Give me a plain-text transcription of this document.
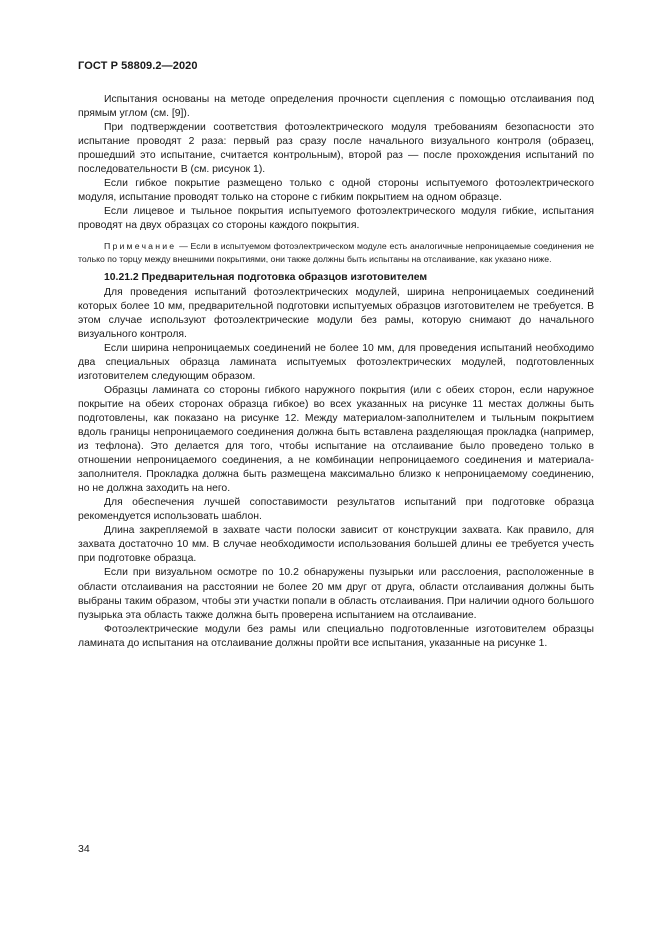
ГОСТ Р 58809.2—2020

Испытания основаны на методе определения прочности сцепления с помощью отслаивания под прямым углом (см. [9]).

При подтверждении соответствия фотоэлектрического модуля требованиям безопасности это испытание проводят 2 раза: первый раз сразу после начального визуального контроля (образец, прошедший это испытание, считается контрольным), второй раз — после прохождения испытаний по последовательности В (см. рисунок 1).

Если гибкое покрытие размещено только с одной стороны испытуемого фотоэлектрического модуля, испытание проводят только на стороне с гибким покрытием на одном образце.

Если лицевое и тыльное покрытия испытуемого фотоэлектрического модуля гибкие, испытания проводят на двух образцах со стороны каждого покрытия.

Примечание — Если в испытуемом фотоэлектрическом модуле есть аналогичные непроницаемые соединения не только по торцу между внешними покрытиями, они также должны быть испытаны на отслаивание, как указано ниже.

10.21.2 Предварительная подготовка образцов изготовителем

Для проведения испытаний фотоэлектрических модулей, ширина непроницаемых соединений которых более 10 мм, предварительной подготовки испытуемых образцов изготовителем не требуется. В этом случае используют фотоэлектрические модули без рамы, которую снимают до начального визуального контроля.

Если ширина непроницаемых соединений не более 10 мм, для проведения испытаний необходимо два специальных образца ламината испытуемых фотоэлектрических модулей, подготовленных изготовителем следующим образом.

Образцы ламината со стороны гибкого наружного покрытия (или с обеих сторон, если наружное покрытие на обеих сторонах образца гибкое) во всех указанных на рисунке 11 местах должны быть подготовлены, как показано на рисунке 12. Между материалом-заполнителем и тыльным покрытием вдоль границы непроницаемого соединения должна быть вставлена разделяющая прокладка (например, из тефлона). Это делается для того, чтобы испытание на отслаивание было проведено только в отношении непроницаемого соединения, а не комбинации непроницаемого соединения и материала-заполнителя. Прокладка должна быть размещена максимально близко к непроницаемому соединению, но не должна заходить на него.

Для обеспечения лучшей сопоставимости результатов испытаний при подготовке образца рекомендуется использовать шаблон.

Длина закрепляемой в захвате части полоски зависит от конструкции захвата. Как правило, для захвата достаточно 10 мм. В случае необходимости использования большей длины ее требуется учесть при подготовке образца.

Если при визуальном осмотре по 10.2 обнаружены пузырьки или расслоения, расположенные в области отслаивания на расстоянии не более 20 мм друг от друга, области отслаивания должны быть выбраны таким образом, чтобы эти участки попали в область отслаивания. При наличии одного большого пузырька эта область также должна быть проверена испытанием на отслаивание.

Фотоэлектрические модули без рамы или специально подготовленные изготовителем образцы ламината до испытания на отслаивание должны пройти все испытания, указанные на рисунке 1.

34
